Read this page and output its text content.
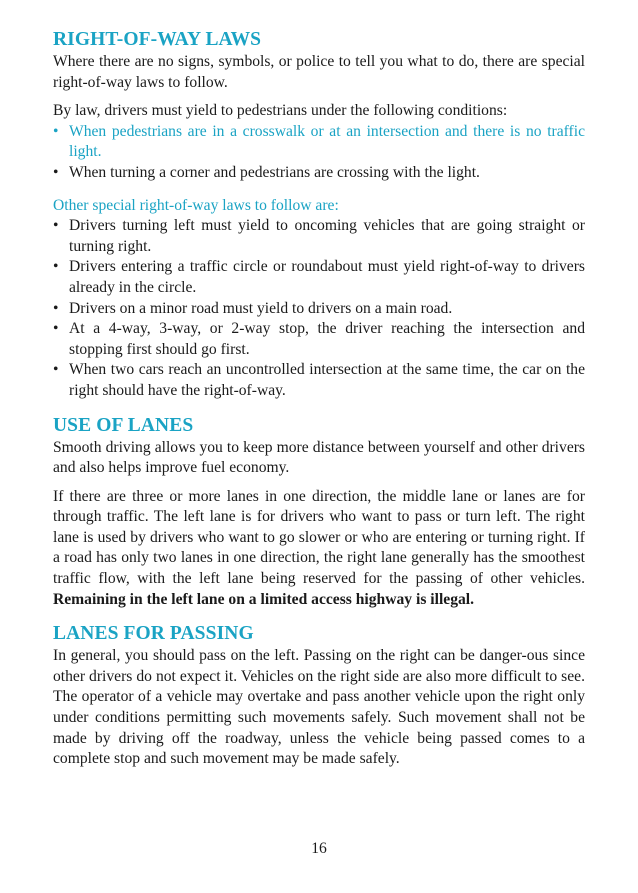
RIGHT-OF-WAY LAWS

Where there are no signs, symbols, or police to tell you what to do, there are special right-of-way laws to follow.

By law, drivers must yield to pedestrians under the following conditions:

• When pedestrians are in a crosswalk or at an intersection and there is no traffic light.
• When turning a corner and pedestrians are crossing with the light.

Other special right-of-way laws to follow are:

• Drivers turning left must yield to oncoming vehicles that are going straight or turning right.
• Drivers entering a traffic circle or roundabout must yield right-of-way to drivers already in the circle.
• Drivers on a minor road must yield to drivers on a main road.
• At a 4-way, 3-way, or 2-way stop, the driver reaching the intersection and stopping first should go first.
• When two cars reach an uncontrolled intersection at the same time, the car on the right should have the right-of-way.
USE OF LANES

Smooth driving allows you to keep more distance between yourself and other drivers and also helps improve fuel economy.

If there are three or more lanes in one direction, the middle lane or lanes are for through traffic. The left lane is for drivers who want to pass or turn left. The right lane is used by drivers who want to go slower or who are entering or turning right. If a road has only two lanes in one direction, the right lane generally has the smoothest traffic flow, with the left lane being reserved for the passing of other vehicles. Remaining in the left lane on a limited access highway is illegal.

LANES FOR PASSING

In general, you should pass on the left. Passing on the right can be danger-ous since other drivers do not expect it. Vehicles on the right side are also more difficult to see. The operator of a vehicle may overtake and pass another vehicle upon the right only under conditions permitting such movements safely. Such movement shall not be made by driving off the roadway, unless the vehicle being passed comes to a complete stop and such movement may be made safely.

16
